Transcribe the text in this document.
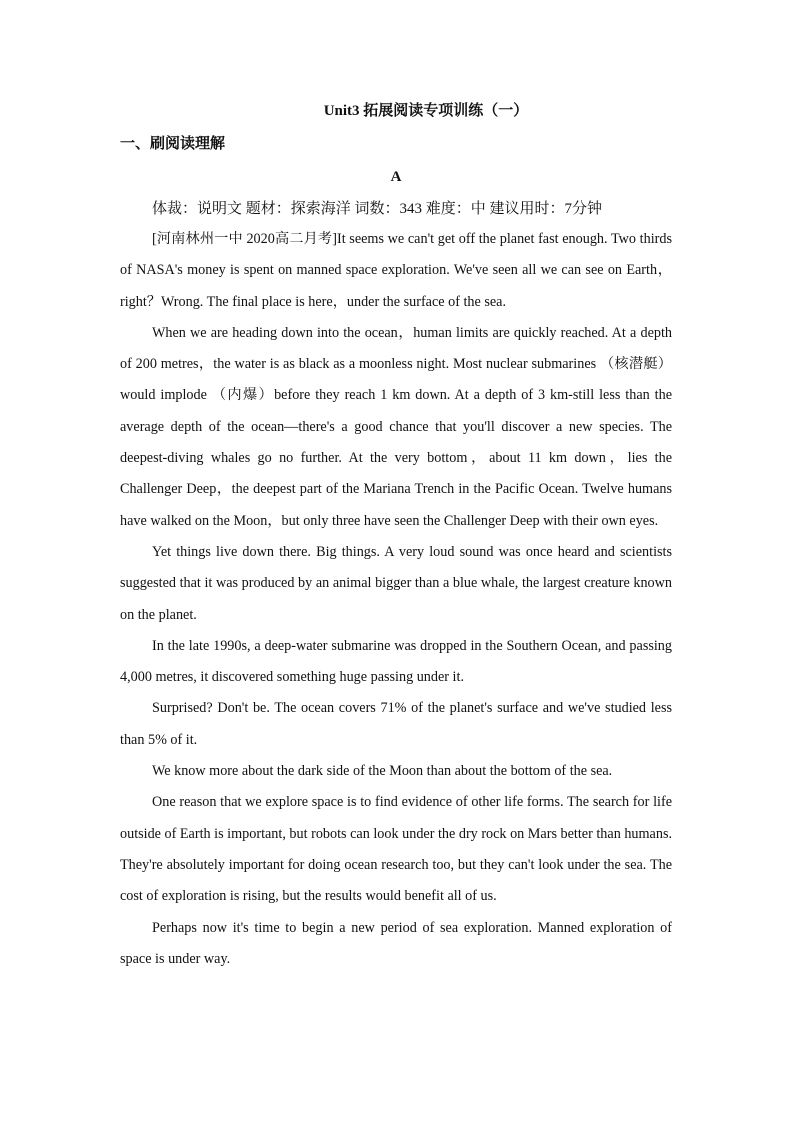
Unit3 拓展阅读专项训练（一）
一、刷阅读理解
A
体裁：说明文 题材：探索海洋 词数：343 难度：中 建议用时：7分钟

[河南林州一中 2020高二月考]It seems we can't get off the planet fast enough. Two thirds of NASA's money is spent on manned space exploration. We've seen all we can see on Earth，right？Wrong. The final place is here，under the surface of the sea.

When we are heading down into the ocean，human limits are quickly reached. At a depth of 200 metres，the water is as black as a moonless night. Most nuclear submarines （核潜艇）would implode （内爆）before they reach 1 km down. At a depth of 3 km-still less than the average depth of the ocean—there's a good chance that you'll discover a new species. The deepest-diving whales go no further. At the very bottom，about 11 km down，lies the Challenger Deep，the deepest part of the Mariana Trench in the Pacific Ocean. Twelve humans have walked on the Moon，but only three have seen the Challenger Deep with their own eyes.

Yet things live down there. Big things. A very loud sound was once heard and scientists suggested that it was produced by an animal bigger than a blue whale, the largest creature known on the planet.

In the late 1990s, a deep-water submarine was dropped in the Southern Ocean, and passing 4,000 metres, it discovered something huge passing under it.

Surprised? Don't be. The ocean covers 71% of the planet's surface and we've studied less than 5% of it.

We know more about the dark side of the Moon than about the bottom of the sea.

One reason that we explore space is to find evidence of other life forms. The search for life outside of Earth is important, but robots can look under the dry rock on Mars better than humans. They're absolutely important for doing ocean research too, but they can't look under the sea. The cost of exploration is rising, but the results would benefit all of us.

Perhaps now it's time to begin a new period of sea exploration. Manned exploration of space is under way.
